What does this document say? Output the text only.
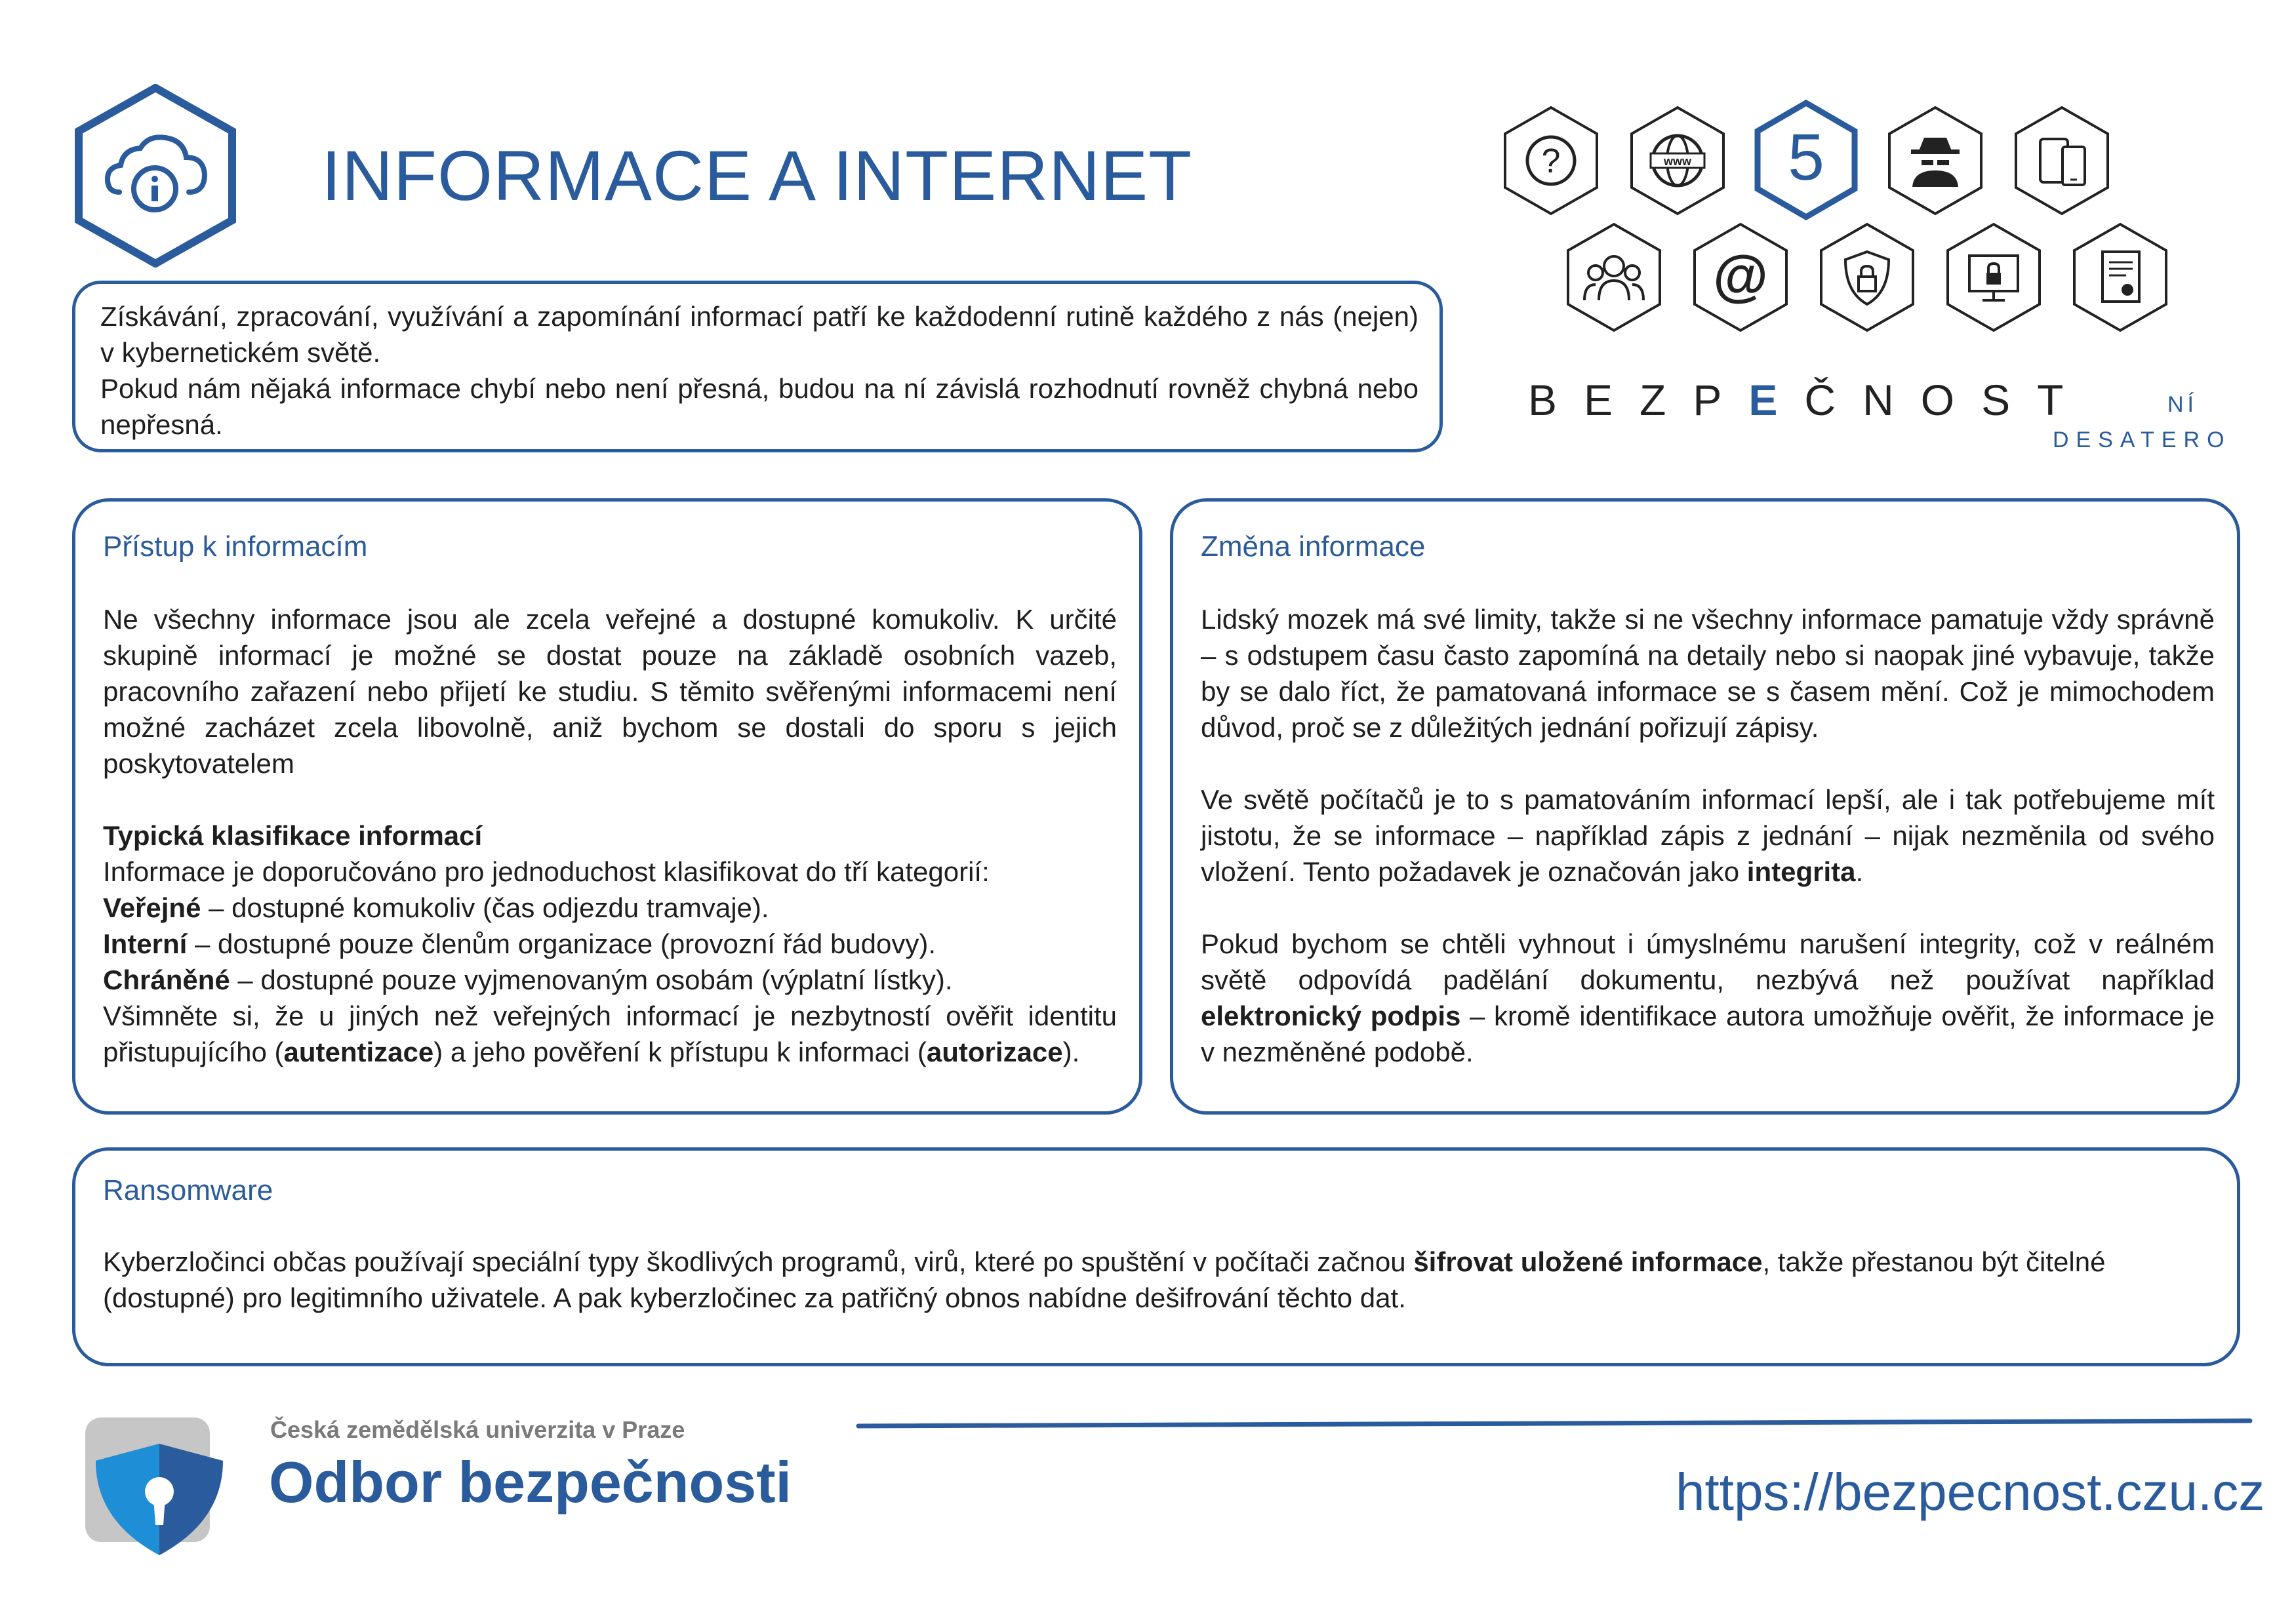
INFORMACE A INTERNET	?	www 5
@
BEZPEČNOST	NÍ
DESATERO

Získávání, zpracování, využívání a zapomínání informací patří ke každodenní rutině každého z nás (nejen) v kybernetickém světě.

Pokud nám nějaká informace chybí nebo není přesná, budou na ní závislá rozhodnutí rovněž chybná nebo nepřesná.

Přístup k informacím

Ne všechny informace jsou ale zcela veřejné a dostupné komukoliv. K určité skupině informací je možné se dostat pouze na základě osobních vazeb, pracovního zařazení nebo přijetí ke studiu. S těmito svěřenými informacemi není možné zacházet zcela libovolně, aniž bychom se dostali do sporu s jejich poskytovatelem

Typická klasifikace informací

Informace je doporučováno pro jednoduchost klasifikovat do tří kategorií:

Veřejné – dostupné komukoliv (čas odjezdu tramvaje).

Interní – dostupné pouze členům organizace (provozní řád budovy).

Chráněné – dostupné pouze vyjmenovaným osobám (výplatní lístky).

Všimněte si, že u jiných než veřejných informací je nezbytností ověřit identitu přistupujícího (autentizace) a jeho pověření k přístupu k informaci (autorizace).

Změna informace

Lidský mozek má své limity, takže si ne všechny informace pamatuje vždy správně – s odstupem času často zapomíná na detaily nebo si naopak jiné vybavuje, takže by se dalo říct, že pamatovaná informace se s časem mění. Což je mimochodem důvod, proč se z důležitých jednání pořizují zápisy.

Ve světě počítačů je to s pamatováním informací lepší, ale i tak potřebujeme mít jistotu, že se informace – například zápis z jednání – nijak nezměnila od svého vložení. Tento požadavek je označován jako integrita.

Pokud bychom se chtěli vyhnout i úmyslnému narušení integrity, což v reálném světě odpovídá padělání dokumentu, nezbývá než používat například elektronický podpis – kromě identifikace autora umožňuje ověřit, že informace je v nezměněné podobě.

Ransomware
Kyberzločinci občas používají speciální typy škodlivých programů, virů, které po spuštění v počítači začnou šifrovat uložené informace, takže přestanou být čitelné (dostupné) pro legitimního uživatele. A pak kyberzločinec za patřičný obnos nabídne dešifrování těchto dat.
Česká zemědělská univerzita v Praze
Odbor bezpečnosti	https://bezpecnost.czu.cz
